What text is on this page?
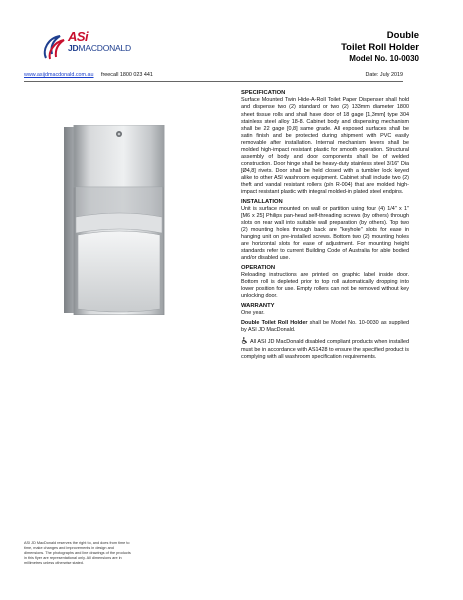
ASi
JDMACDONALD
Double
Toilet Roll Holder
Model No. 10-0030
www.asijdmacdonald.com.au freecall 1800 023 441	Date: July 2019
SPECIFICATION

Surface Mounted Twin Hide-A-Roll Toilet Paper Dispenser shall hold and dispense two (2) standard or two (2) 133mm diameter 1800 sheet tissue rolls and shall have door of 18 gage [1,3mm] type 304 stainless steel alloy 18-8. Cabinet body and dispensing mechanism shall be 22 gage [0,8] same grade. All exposed surfaces shall be satin finish and be protected during shipment with PVC easily removable after installation. Internal mechanism levers shall be molded high-impact resistant plastic for smooth operation. Structural assembly of body and door components shall be of welded construction. Door hinge shall be heavy-duty stainless steel 3/16" Dia [Ø4,8] rivets. Door shall be held closed with a tumbler lock keyed alike to other ASI washroom equipment. Cabinet shall include two (2) theft and vandal resistant rollers (p/n R-004) that are molded high-impact resistant plastic with integral molded-in plated steel endpins.

INSTALLATION

Unit is surface mounted on wall or partition using four (4) 1/4" x 1" [M6 x 25] Philips pan-head self-threading screws (by others) through slots on rear wall into suitable wall preparation (by others). Top two (2) mounting holes through back are "keyhole" slots for ease in hanging unit on pre-installed screws. Bottom two (2) mounting holes are horizontal slots for ease of adjustment. For mounting height standards refer to current Building Code of Australia for able bodied and/or disabled use.

OPERATION

Reloading instructions are printed on graphic label inside door. Bottom roll is depleted prior to top roll automatically dropping into lower position for use. Empty rollers can not be removed without key unlocking door.

WARRANTY

One year.

Double Toilet Roll Holder shall be Model No. 10-0030 as supplied by ASI JD MacDonald.

All ASI JD MacDonald disabled compliant products when installed must be in accordance with AS1428 to ensure the specified product is complying with all washroom specification requirements.

ASI JD MacDonald reserves the right to, and does from time to time, make changes and improvements in design and dimensions. The photographs and line drawings of the products in this flyer are representational only. All dimensions are in millimetres unless otherwise stated.
